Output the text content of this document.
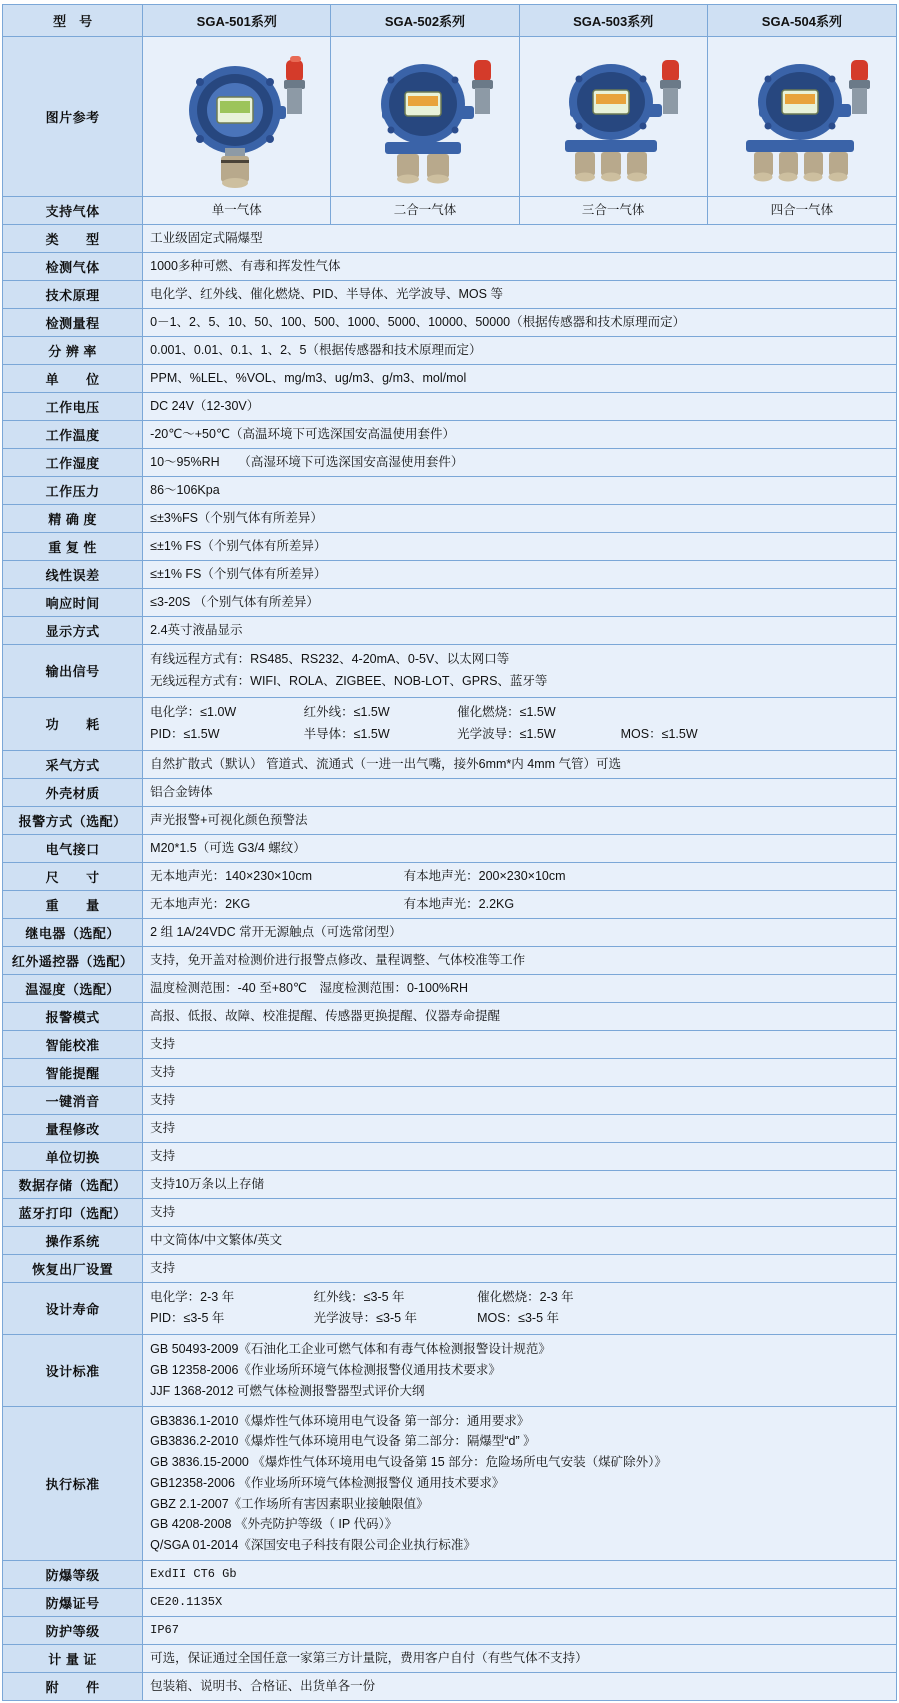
型　号	SGA-501系列	SGA-502系列	SGA-503系列	SGA-504系列
图片参考	

支持气体	单一气体	二合一气体	三合一气体	四合一气体
类　　型	工业级固定式隔爆型			
检测气体	1000多种可燃、有毒和挥发性气体			
技术原理	电化学、红外线、催化燃烧、PID、半导体、光学波导、MOS 等			
检测量程	0－1、2、5、10、50、100、500、1000、5000、10000、50000（根据传感器和技术原理而定）			
分 辨 率	0.001、0.01、0.1、1、2、5（根据传感器和技术原理而定）			
单　　位	PPM、%LEL、%VOL、mg/m3、ug/m3、g/m3、mol/mol			
工作电压	DC 24V（12-30V）			
工作温度	-20℃～+50℃（高温环境下可选深国安高温使用套件）			
工作湿度	10～95%RH　　（高湿环境下可选深国安高湿使用套件）			
工作压力	86～106Kpa			
精 确 度	≤±3%FS（个别气体有所差异）			
重 复 性	≤±1% FS（个别气体有所差异）			
线性误差	≤±1% FS（个别气体有所差异）			
响应时间	≤3-20S （个别气体有所差异）			
显示方式	2.4英寸液晶显示			
输出信号	有线远程方式有：RS485、RS232、4-20mA、0-5V、以太网口等
无线远程方式有：WIFI、ROLA、ZIGBEE、NOB-LOT、GPRS、蓝牙等			

功　　耗	电化学：≤1.0W 红外线：≤1.5W 催化燃烧：≤1.5W
PID：≤1.5W 半导体：≤1.5W 光学波导：≤1.5W MOS：≤1.5W			

采气方式	自然扩散式（默认） 管道式、流通式（一进一出气嘴，接外6mm*内 4mm 气管）可选			
外壳材质	铝合金铸体			
报警方式（选配）	声光报警+可视化颜色预警法			
电气接口	M20*1.5（可选 G3/4 螺纹）			
尺　　寸	无本地声光：140×230×10cm 有本地声光：200×230×10cm			
重　　量	无本地声光：2KG 有本地声光：2.2KG			
继电器（选配）	2 组 1A/24VDC 常开无源触点（可选常闭型）			
红外遥控器（选配）	支持，免开盖对检测价进行报警点修改、量程调整、气体校准等工作			
温湿度（选配）	温度检测范围：-40 至+80℃　湿度检测范围：0-100%RH			
报警模式	高报、低报、故障、校准提醒、传感器更换提醒、仪器寿命提醒			
智能校准	支持			
智能提醒	支持			
一键消音	支持			
量程修改	支持			
单位切换	支持			
数据存储（选配）	支持10万条以上存储			
蓝牙打印（选配）	支持			
操作系统	中文简体/中文繁体/英文			
恢复出厂设置	支持			
设计寿命	电化学：2-3 年 红外线：≤3-5 年 催化燃烧：2-3 年
PID：≤3-5 年 光学波导：≤3-5 年 MOS：≤3-5 年			

设计标准	GB 50493-2009《石油化工企业可燃气体和有毒气体检测报警设计规范》
GB 12358-2006《作业场所环境气体检测报警仪通用技术要求》
JJF 1368-2012 可燃气体检测报警器型式评价大纲			

执行标准	
GB3836.1-2010《爆炸性气体环境用电气设备 第一部分：通用要求》
GB3836.2-2010《爆炸性气体环境用电气设备 第二部分：隔爆型“d” 》
GB 3836.15-2000 《爆炸性气体环境用电气设备第 15 部分：危险场所电气安装（煤矿除外）》
GB12358-2006 《作业场所环境气体检测报警仪 通用技术要求》
GBZ 2.1-2007《工作场所有害因素职业接触限值》
GB 4208-2008 《外壳防护等级（ IP 代码）》
Q/SGA 01-2014《深国安电子科技有限公司企业执行标准》

防爆等级	ExdII CT6 Gb			
防爆证号	CE20.1135X			
防护等级	IP67			
计 量 证	可选，保证通过全国任意一家第三方计量院，费用客户自付（有些气体不支持）			
附　　件	包装箱、说明书、合格证、出货单各一份			
